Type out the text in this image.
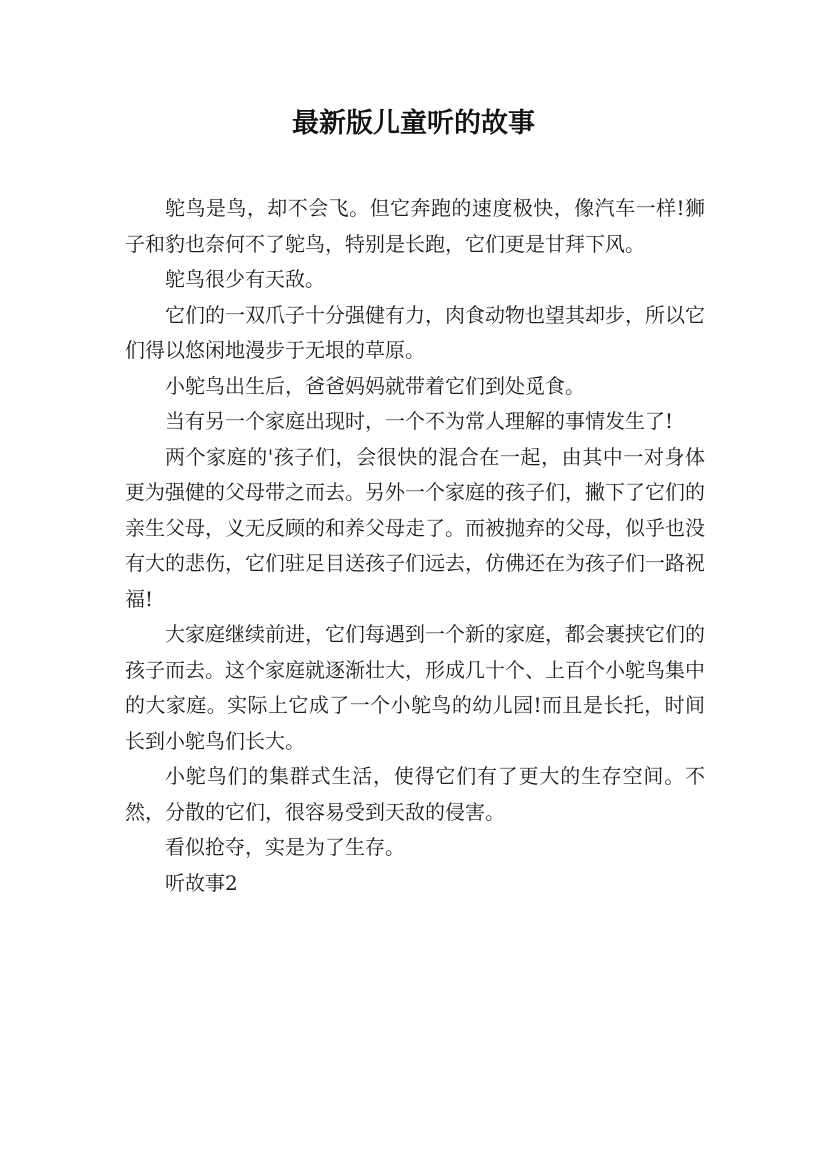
最新版儿童听的故事

鸵鸟是鸟，却不会飞。但它奔跑的速度极快，像汽车一样!狮子和豹也奈何不了鸵鸟，特别是长跑，它们更是甘拜下风。

鸵鸟很少有天敌。

它们的一双爪子十分强健有力，肉食动物也望其却步，所以它们得以悠闲地漫步于无垠的草原。

小鸵鸟出生后，爸爸妈妈就带着它们到处觅食。

当有另一个家庭出现时，一个不为常人理解的事情发生了!

两个家庭的'孩子们，会很快的混合在一起，由其中一对身体更为强健的父母带之而去。另外一个家庭的孩子们，撇下了它们的亲生父母，义无反顾的和养父母走了。而被抛弃的父母，似乎也没有大的悲伤，它们驻足目送孩子们远去，仿佛还在为孩子们一路祝福!

大家庭继续前进，它们每遇到一个新的家庭，都会裹挟它们的孩子而去。这个家庭就逐渐壮大，形成几十个、上百个小鸵鸟集中的大家庭。实际上它成了一个小鸵鸟的幼儿园!而且是长托，时间长到小鸵鸟们长大。

小鸵鸟们的集群式生活，使得它们有了更大的生存空间。不然，分散的它们，很容易受到天敌的侵害。

看似抢夺，实是为了生存。

听故事2
